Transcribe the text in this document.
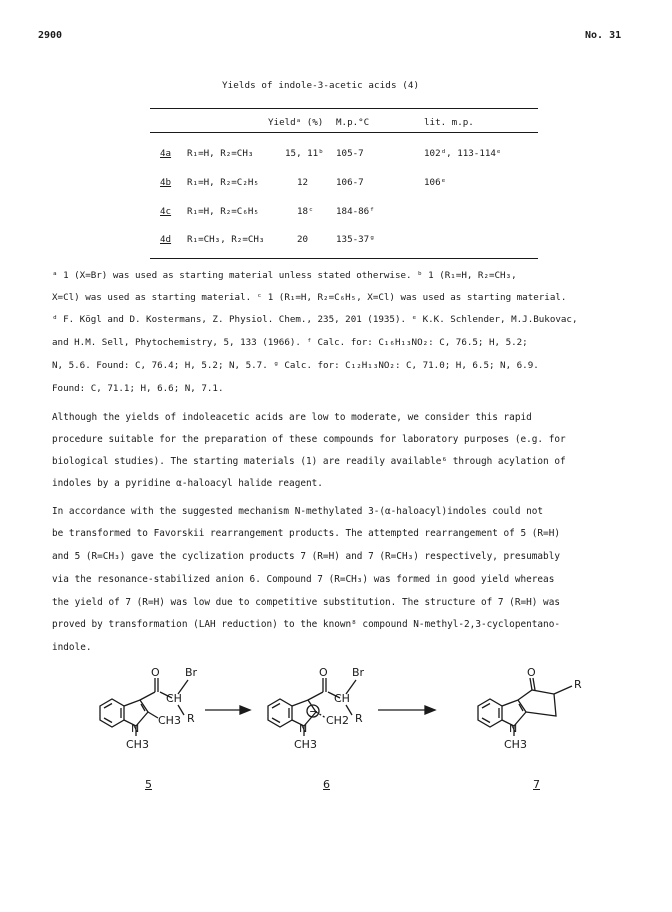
2900	No. 31
Yields of indole-3-acetic acids (4)
Yieldᵃ (%) M.p.°C	lit. m.p.
4a R₁=H, R₂=CH₃	15, 11ᵇ 105-7	102ᵈ, 113-114ᵉ
4b R₁=H, R₂=C₂H₅	12	106-7	106ᵉ
4c R₁=H, R₂=C₆H₅	18ᶜ 184-86ᶠ
4d R₁=CH₃, R₂=CH₃	20	135-37ᵍ
ᵃ 1 (X=Br) was used as starting material unless stated otherwise. ᵇ 1 (R₁=H, R₂=CH₃,
X=Cl) was used as starting material. ᶜ 1 (R₁=H, R₂=C₆H₅, X=Cl) was used as starting material.
ᵈ F. Kögl and D. Kostermans, Z. Physiol. Chem., 235, 201 (1935). ᵉ K.K. Schlender, M.J.Bukovac,
and H.M. Sell, Phytochemistry, 5, 133 (1966). ᶠ Calc. for: C₁₆H₁₃NO₂: C, 76.5; H, 5.2;
N, 5.6. Found: C, 76.4; H, 5.2; N, 5.7. ᵍ Calc. for: C₁₂H₁₃NO₂: C, 71.0; H, 6.5; N, 6.9.
Found: C, 71.1; H, 6.6; N, 7.1.
Although the yields of indoleacetic acids are low to moderate, we consider this rapid
procedure suitable for the preparation of these compounds for laboratory purposes (e.g. for
biological studies). The starting materials (1) are readily available⁶ through acylation of
indoles by a pyridine α-haloacyl halide reagent.
In accordance with the suggested mechanism N-methylated 3-(α-haloacyl)indoles could not
be transformed to Favorskii rearrangement products. The attempted rearrangement of 5 (R=H)
and 5 (R=CH₃) gave the cyclization products 7 (R=H) and 7 (R=CH₃) respectively, presumably
via the resonance-stabilized anion 6. Compound 7 (R=CH₃) was formed in good yield whereas
the yield of 7 (R=H) was low due to competitive substitution. The structure of 7 (R=H) was
proved by transformation (LAH reduction) to the known⁸ compound N-methyl-2,3-cyclopentano-
indole.
O Br
CH
CH3 R
N
CH3
O Br
CH
−
CH2 R
N
CH3
O
R
N
CH3
5	6	7
